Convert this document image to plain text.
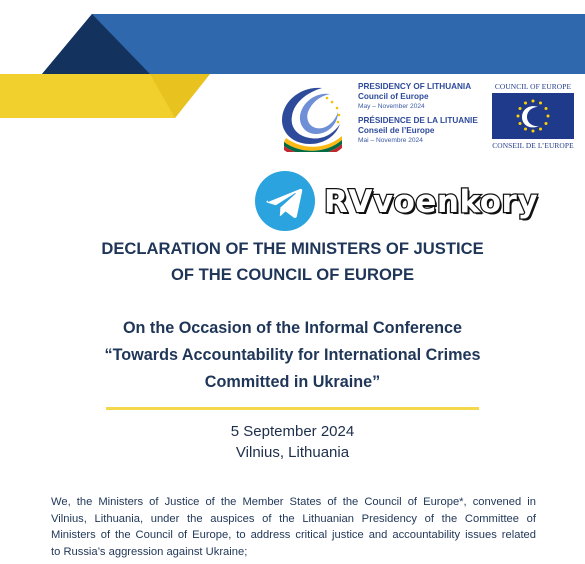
PRESIDENCY OF LITHUANIA
Council of Europe
May – November 2024
PRÉSIDENCE DE LA LITUANIE
Conseil de l’Europe
Mai – Novembre 2024
COUNCIL OF EUROPE
CONSEIL DE L’EUROPE
RVvoenkory
DECLARATION OF THE MINISTERS OF JUSTICE
OF THE COUNCIL OF EUROPE
On the Occasion of the Informal Conference
“Towards Accountability for International Crimes
Committed in Ukraine”
5 September 2024
Vilnius, Lithuania
We, the Ministers of Justice of the Member States of the Council of Europe*, convened in
Vilnius, Lithuania, under the auspices of the Lithuanian Presidency of the Committee of
Ministers of the Council of Europe, to address critical justice and accountability issues related
to Russia’s aggression against Ukraine;
